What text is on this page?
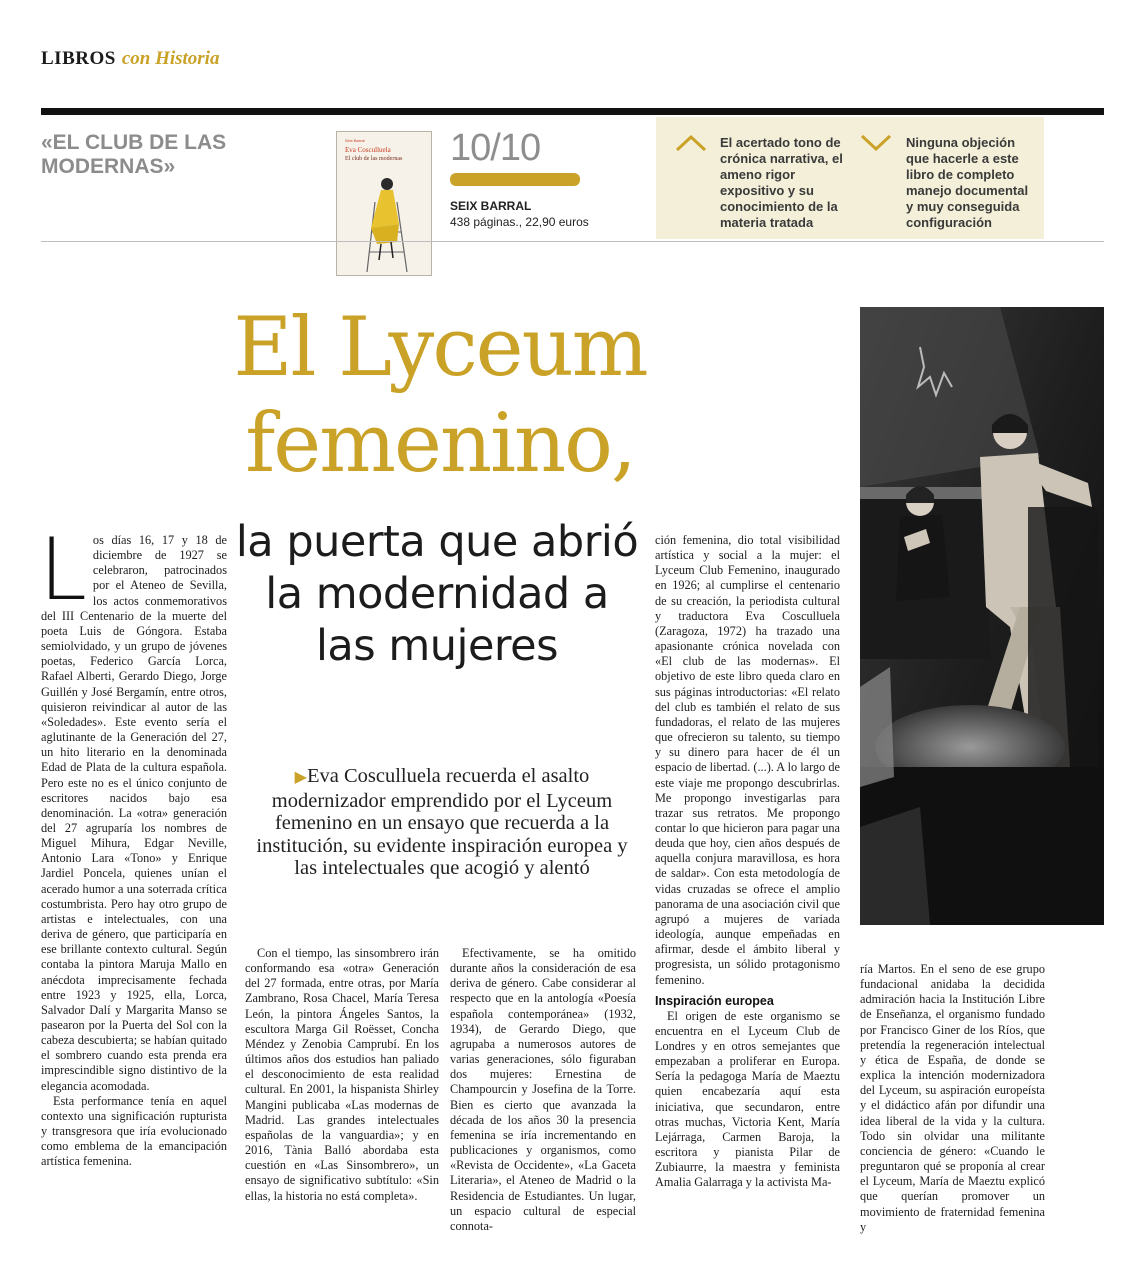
LIBROS con Historia
«EL CLUB DE LAS MODERNAS»
Seix Barral
Eva Cosculluela
El club de las modernas 10/10
SEIX BARRAL
438 páginas., 22,90 euros
El acertado tono de crónica narrativa, el ameno rigor expositivo y su conocimiento de la materia tratada
Ninguna objeción que hacerle a este libro de completo manejo documental y muy conseguida configuración
El Lyceum
femenino,
la puerta que abrió la modernidad a las mujeres
▶Eva Cosculluela recuerda el asalto modernizador emprendido por el Lyceum femenino en un ensayo que recuerda a la institución, su evidente inspiración europea y las intelectuales que acogió y alentó

Los días 16, 17 y 18 de diciembre de 1927 se celebraron, patrocinados por el Ateneo de Sevilla, los actos conmemorativos del III Centenario de la muerte del poeta Luis de Góngora. Estaba semiolvidado, y un grupo de jóvenes poetas, Federico García Lorca, Rafael Alberti, Gerardo Diego, Jorge Guillén y José Bergamín, entre otros, quisieron reivindicar al autor de las «Soledades». Este evento sería el aglutinante de la Generación del 27, un hito literario en la denominada Edad de Plata de la cultura española. Pero este no es el único conjunto de escritores nacidos bajo esa denominación. La «otra» generación del 27 agruparía los nombres de Miguel Mihura, Edgar Neville, Antonio Lara «Tono» y Enrique Jardiel Poncela, quienes unían el acerado humor a una soterrada crítica costumbrista. Pero hay otro grupo de artistas e intelectuales, con una deriva de género, que participaría en ese brillante contexto cultural. Según contaba la pintora Maruja Mallo en anécdota imprecisamente fechada entre 1923 y 1925, ella, Lorca, Salvador Dalí y Margarita Manso se pasearon por la Puerta del Sol con la cabeza descubierta; se habían quitado el sombrero cuando esta prenda era imprescindible signo distintivo de la elegancia acomodada.

Esta performance tenía en aquel contexto una significación rupturista y transgresora que iría evolucionado como emblema de la emancipación artística femenina.

Con el tiempo, las sinsombrero irán conformando esa «otra» Generación del 27 formada, entre otras, por María Zambrano, Rosa Chacel, María Teresa León, la pintora Ángeles Santos, la escultora Marga Gil Roësset, Concha Méndez y Zenobia Camprubí. En los últimos años dos estudios han paliado el desconocimiento de esta realidad cultural. En 2001, la hispanista Shirley Mangini publicaba «Las modernas de Madrid. Las grandes intelectuales españolas de la vanguardia»; y en 2016, Tània Balló abordaba esta cuestión en «Las Sinsombrero», un ensayo de significativo subtítulo: «Sin ellas, la historia no está completa».

Efectivamente, se ha omitido durante años la consideración de esa deriva de género. Cabe considerar al respecto que en la antología «Poesía española contemporánea» (1932, 1934), de Gerardo Diego, que agrupaba a numerosos autores de varias generaciones, sólo figuraban dos mujeres: Ernestina de Champourcin y Josefina de la Torre. Bien es cierto que avanzada la década de los años 30 la presencia femenina se iría incrementando en publicaciones y organismos, como «Revista de Occidente», «La Gaceta Literaria», el Ateneo de Madrid o la Residencia de Estudiantes. Un lugar, un espacio cultural de especial connota-

ción femenina, dio total visibilidad artística y social a la mujer: el Lyceum Club Femenino, inaugurado en 1926; al cumplirse el centenario de su creación, la periodista cultural y traductora Eva Cosculluela (Zaragoza, 1972) ha trazado una apasionante crónica novelada con «El club de las modernas». El objetivo de este libro queda claro en sus páginas introductorias: «El relato del club es también el relato de sus fundadoras, el relato de las mujeres que ofrecieron su talento, su tiempo y su dinero para hacer de él un espacio de libertad. (...). A lo largo de este viaje me propongo descubrirlas. Me propongo investigarlas para trazar sus retratos. Me propongo contar lo que hicieron para pagar una deuda que hoy, cien años después de aquella conjura maravillosa, es hora de saldar». Con esta metodología de vidas cruzadas se ofrece el amplio panorama de una asociación civil que agrupó a mujeres de variada ideología, aunque empeñadas en afirmar, desde el ámbito liberal y progresista, un sólido protagonismo femenino.

Inspiración europea

El origen de este organismo se encuentra en el Lyceum Club de Londres y en otros semejantes que empezaban a proliferar en Europa. Sería la pedagoga María de Maeztu quien encabezaría aquí esta iniciativa, que secundaron, entre otras muchas, Victoria Kent, María Lejárraga, Carmen Baroja, la escritora y pianista Pilar de Zubiaurre, la maestra y feminista Amalia Galarraga y la activista Ma-

ría Martos. En el seno de ese grupo fundacional anidaba la decidida admiración hacia la Institución Libre de Enseñanza, el organismo fundado por Francisco Giner de los Ríos, que pretendía la regeneración intelectual y ética de España, de donde se explica la intención modernizadora del Lyceum, su aspiración europeísta y el didáctico afán por difundir una idea liberal de la vida y la cultura. Todo sin olvidar una militante conciencia de género: «Cuando le preguntaron qué se proponía al crear el Lyceum, María de Maeztu explicó que querían promover un movimiento de fraternidad femenina y
